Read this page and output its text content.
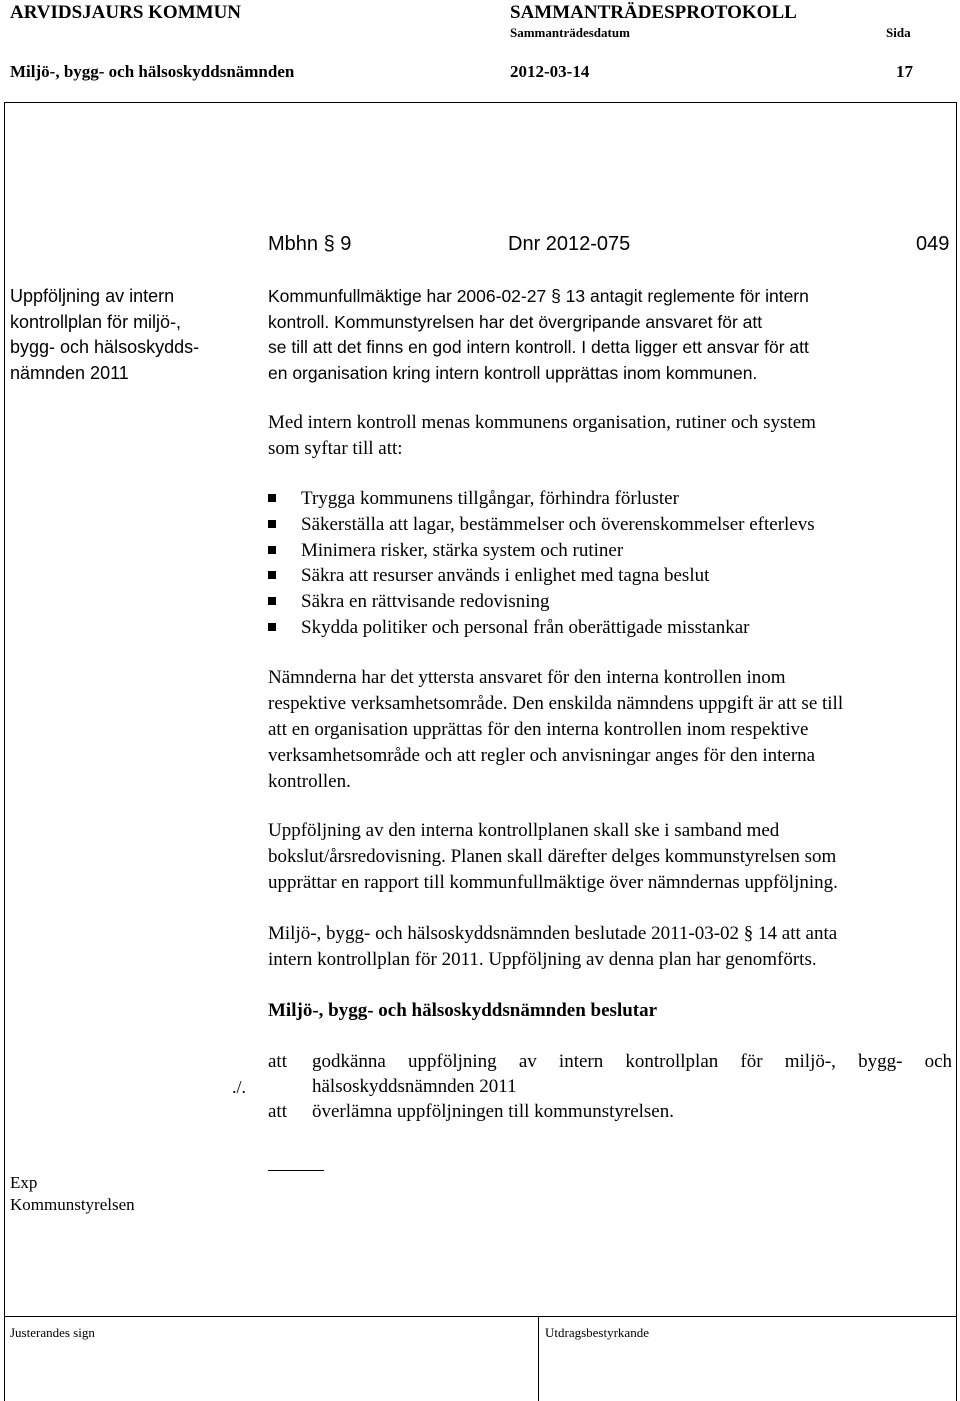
ARVIDSJAURS KOMMUN	SAMMANTRÄDESPROTOKOLL
Sammanträdesdatum	Sida
Miljö-, bygg- och hälsoskyddsnämnden	2012-03-14	17
Mbhn § 9	Dnr 2012-075	049
Uppföljning av intern
kontrollplan för miljö-,
bygg- och hälsoskydds-
nämnden 2011
Kommunfullmäktige har 2006-02-27 § 13 antagit reglemente för intern
kontroll. Kommunstyrelsen har det övergripande ansvaret för att
se till att det finns en god intern kontroll. I detta ligger ett ansvar för att
en organisation kring intern kontroll upprättas inom kommunen.
Med intern kontroll menas kommunens organisation, rutiner och system
som syftar till att:
Trygga kommunens tillgångar, förhindra förluster
Säkerställa att lagar, bestämmelser och överenskommelser efterlevs
Minimera risker, stärka system och rutiner
Säkra att resurser används i enlighet med tagna beslut
Säkra en rättvisande redovisning
Skydda politiker och personal från oberättigade misstankar
Nämnderna har det yttersta ansvaret för den interna kontrollen inom
respektive verksamhetsområde. Den enskilda nämndens uppgift är att se till
att en organisation upprättas för den interna kontrollen inom respektive
verksamhetsområde och att regler och anvisningar anges för den interna
kontrollen.
Uppföljning av den interna kontrollplanen skall ske i samband med
bokslut/årsredovisning. Planen skall därefter delges kommunstyrelsen som
upprättar en rapport till kommunfullmäktige över nämndernas uppföljning.
Miljö-, bygg- och hälsoskyddsnämnden beslutade 2011-03-02 § 14 att anta
intern kontrollplan för 2011. Uppföljning av denna plan har genomförts.
Miljö-, bygg- och hälsoskyddsnämnden beslutar
./.
att	godkänna uppföljning av intern kontrollplan för miljö-, bygg- och hälsoskyddsnämnden 2011
att	överlämna uppföljningen till kommunstyrelsen.
Exp
Kommunstyrelsen
Justerandes sign	Utdragsbestyrkande
